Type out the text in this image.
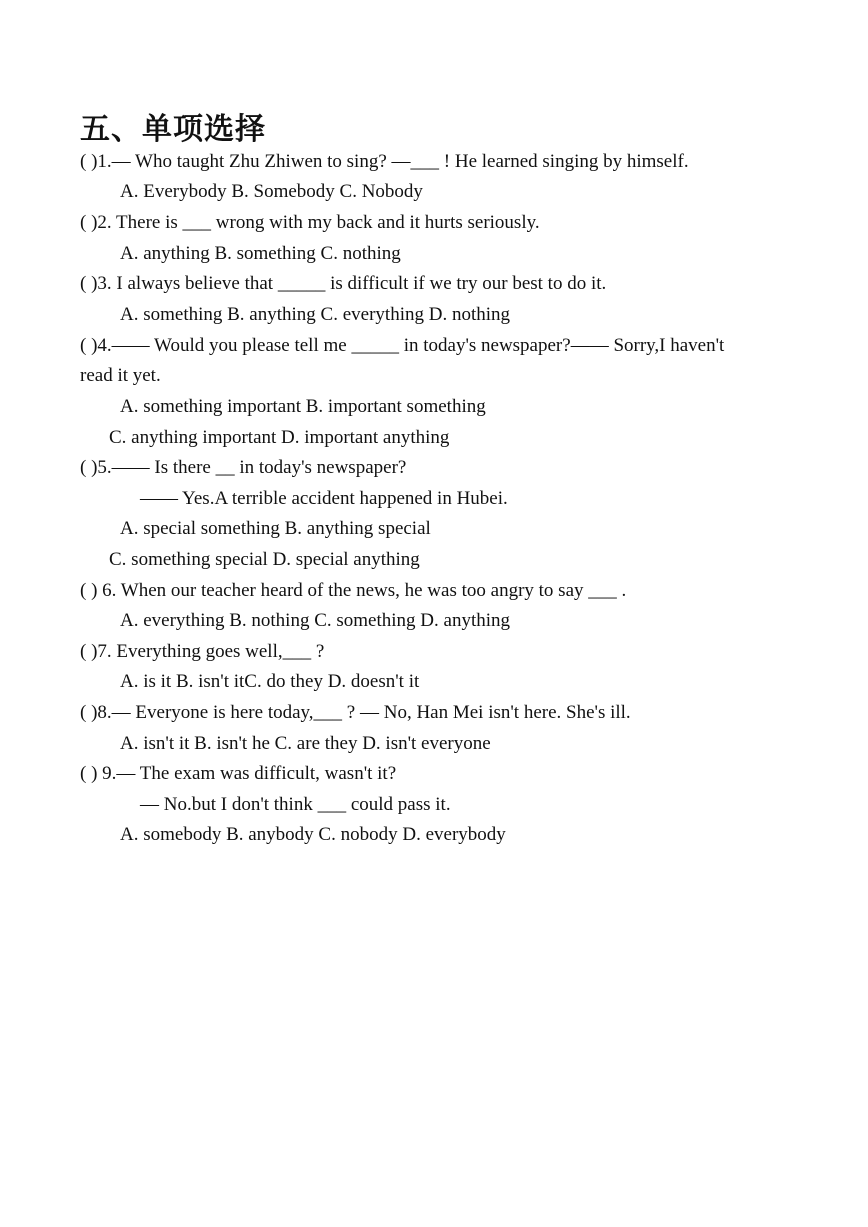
五、单项选择
( )1.— Who taught Zhu Zhiwen to sing? —___ ! He learned singing by himself.
A. Everybody B. Somebody C. Nobody
( )2. There is ___ wrong with my back and it hurts seriously.
A. anything B. something C. nothing
( )3. I always believe that _____ is difficult if we try our best to do it.
A. something B. anything C. everything D. nothing
( )4.—— Would you please tell me _____ in today's newspaper?—— Sorry,I haven't
read it yet.
A. something important B. important something
C. anything important D. important anything
( )5.—— Is there __ in today's newspaper?
—— Yes.A terrible accident happened in Hubei.
A. special something B. anything special
C. something special D. special anything
( ) 6. When our teacher heard of the news, he was too angry to say ___ .
A. everything B. nothing C. something D. anything
( )7. Everything goes well,___ ?
A. is it B. isn't itC. do they D. doesn't it
( )8.— Everyone is here today,___ ? — No, Han Mei isn't here. She's ill.
A. isn't it B. isn't he C. are they D. isn't everyone
( ) 9.— The exam was difficult, wasn't it?
— No.but I don't think ___ could pass it.
A. somebody B. anybody C. nobody D. everybody
